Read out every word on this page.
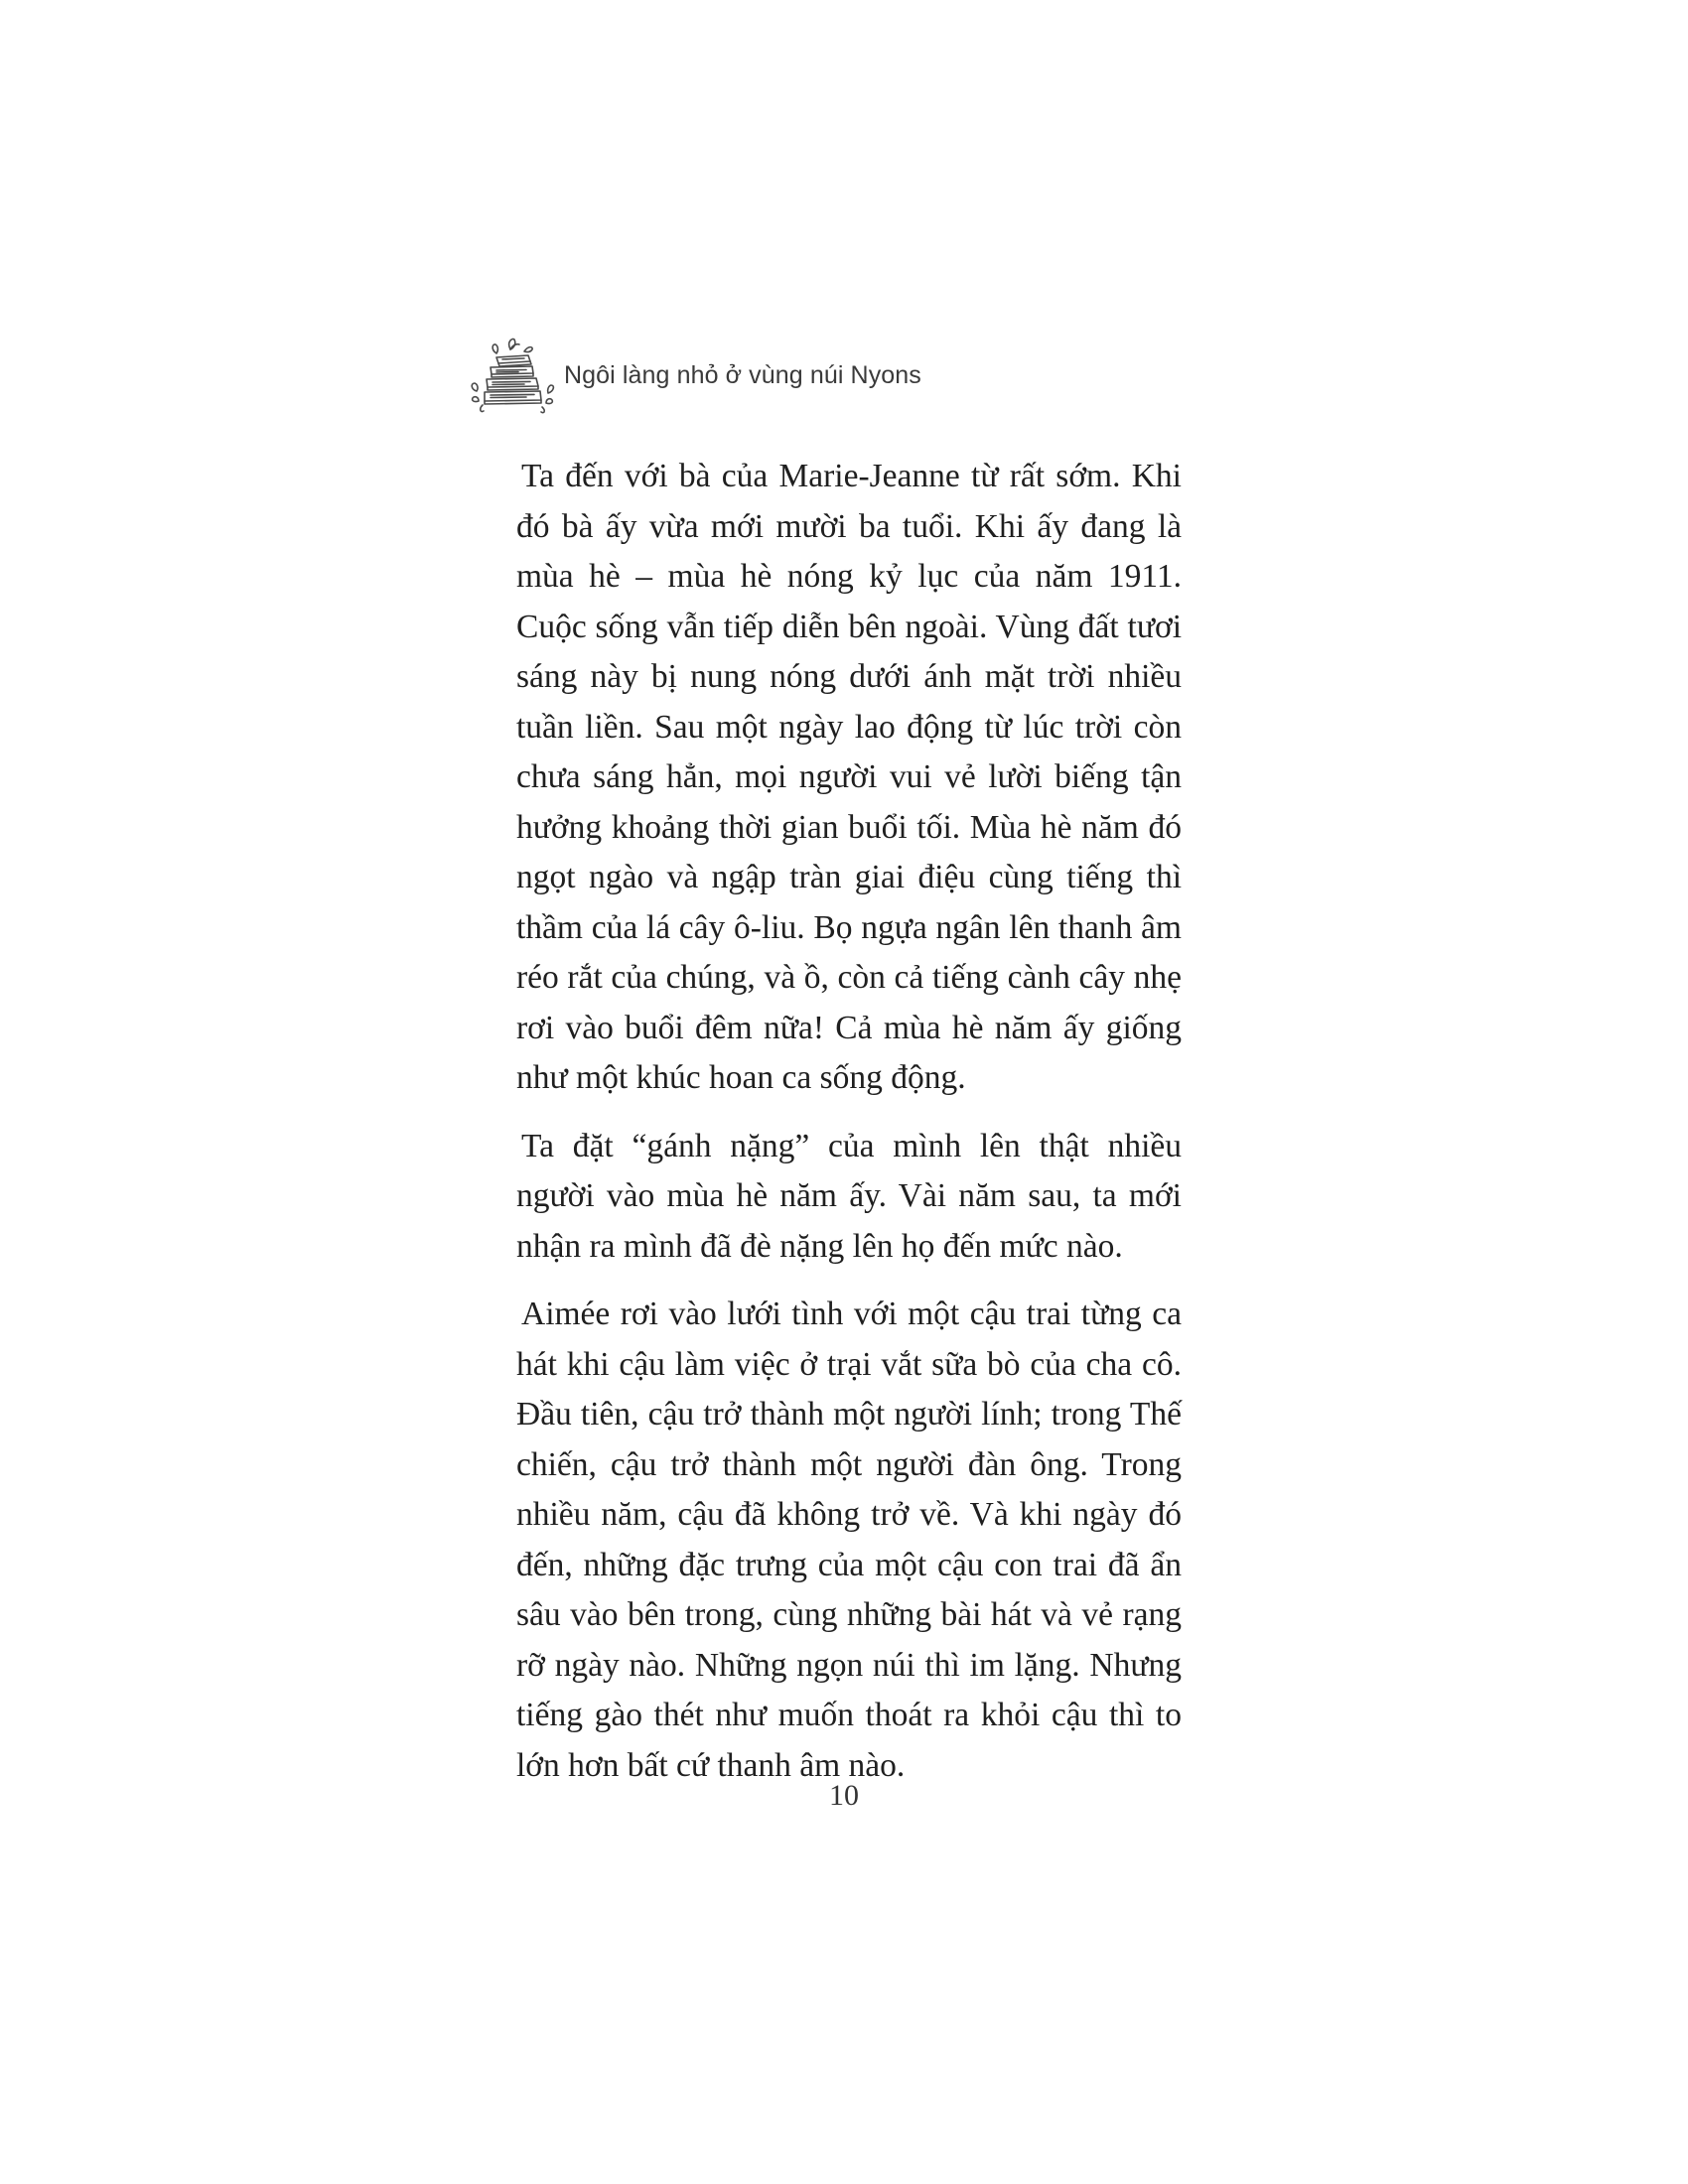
Ngôi làng nhỏ ở vùng núi Nyons

Ta đến với bà của Marie-Jeanne từ rất sớm. Khi đó bà ấy vừa mới mười ba tuổi. Khi ấy đang là mùa hè – mùa hè nóng kỷ lục của năm 1911. Cuộc sống vẫn tiếp diễn bên ngoài. Vùng đất tươi sáng này bị nung nóng dưới ánh mặt trời nhiều tuần liền. Sau một ngày lao động từ lúc trời còn chưa sáng hẳn, mọi người vui vẻ lười biếng tận hưởng khoảng thời gian buổi tối. Mùa hè năm đó ngọt ngào và ngập tràn giai điệu cùng tiếng thì thầm của lá cây ô-liu. Bọ ngựa ngân lên thanh âm réo rắt của chúng, và ồ, còn cả tiếng cành cây nhẹ rơi vào buổi đêm nữa! Cả mùa hè năm ấy giống như một khúc hoan ca sống động.

Ta đặt “gánh nặng” của mình lên thật nhiều người vào mùa hè năm ấy. Vài năm sau, ta mới nhận ra mình đã đè nặng lên họ đến mức nào.

Aimée rơi vào lưới tình với một cậu trai từng ca hát khi cậu làm việc ở trại vắt sữa bò của cha cô. Đầu tiên, cậu trở thành một người lính; trong Thế chiến, cậu trở thành một người đàn ông. Trong nhiều năm, cậu đã không trở về. Và khi ngày đó đến, những đặc trưng của một cậu con trai đã ẩn sâu vào bên trong, cùng những bài hát và vẻ rạng rỡ ngày nào. Những ngọn núi thì im lặng. Nhưng tiếng gào thét như muốn thoát ra khỏi cậu thì to lớn hơn bất cứ thanh âm nào.

10
